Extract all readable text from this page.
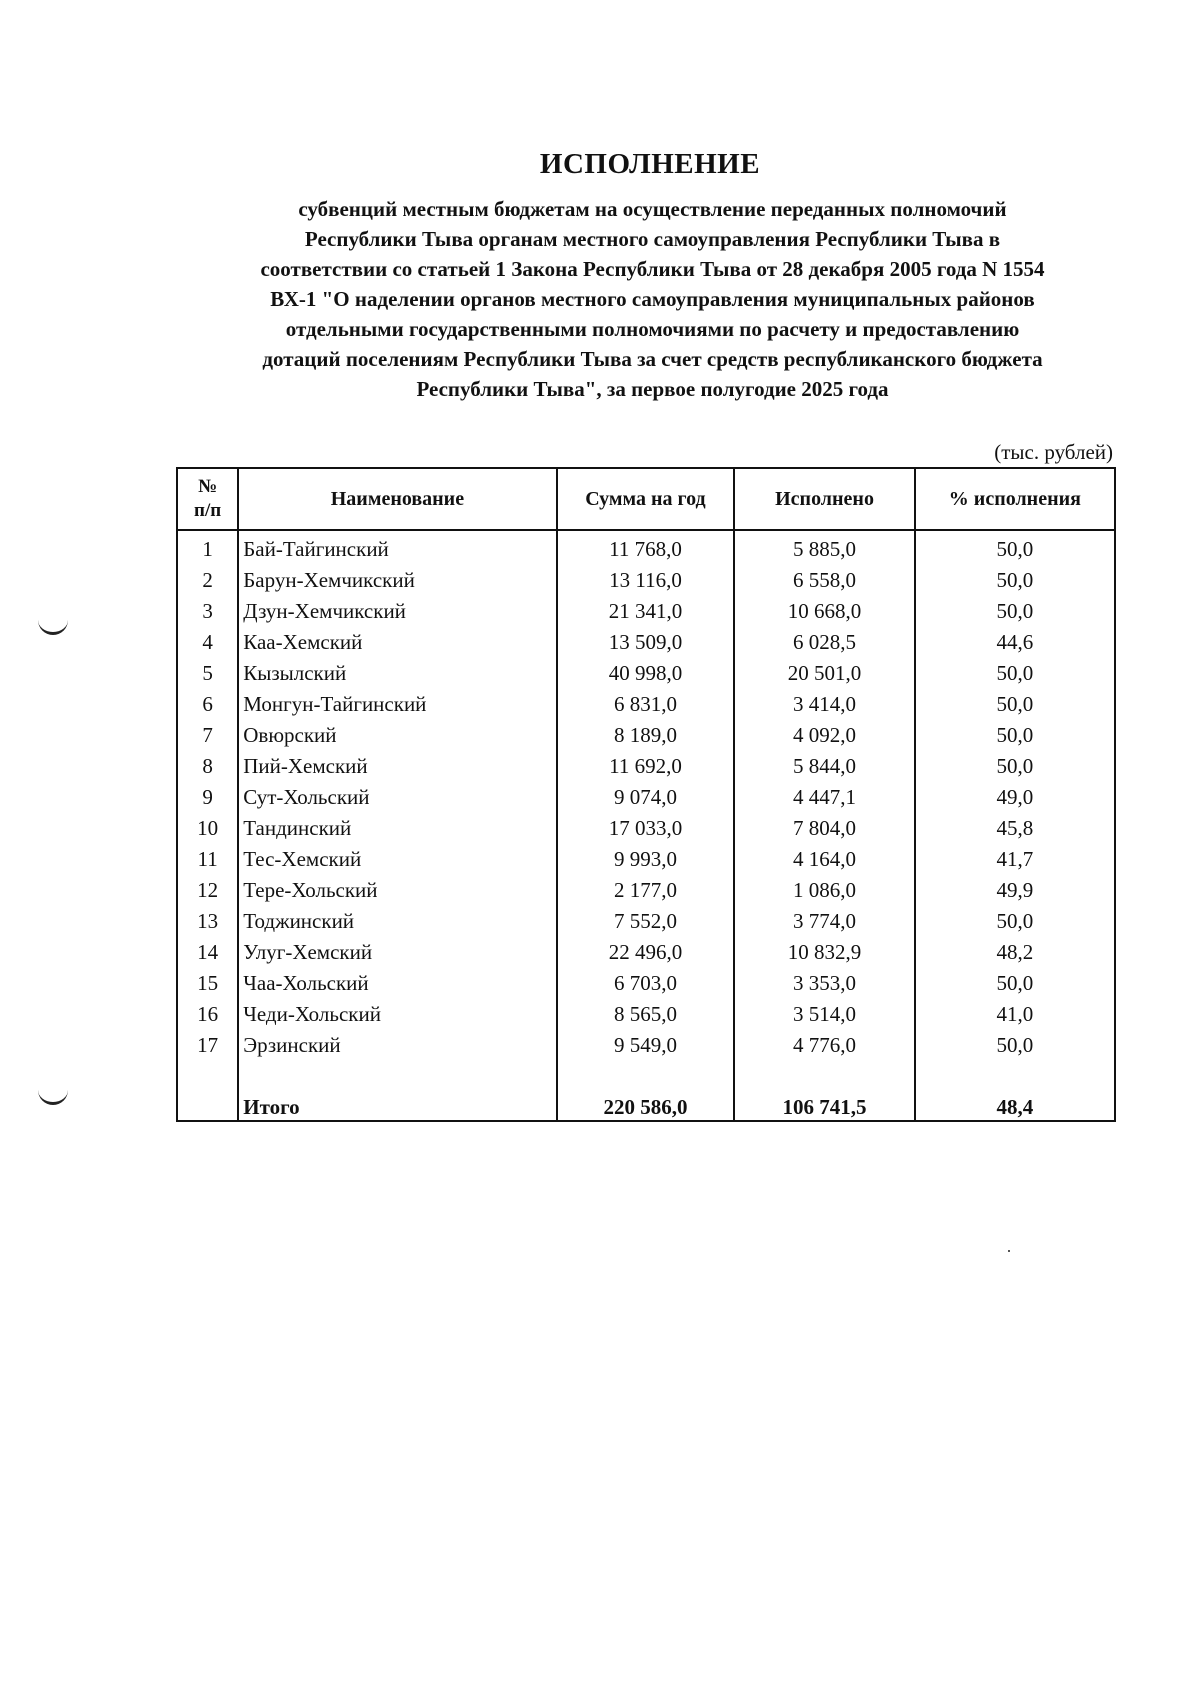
ИСПОЛНЕНИЕ
субвенций местным бюджетам на осуществление переданных полномочий
Республики Тыва органам местного самоуправления Республики Тыва в
соответствии со статьей 1 Закона Республики Тыва от 28 декабря 2005 года N 1554
ВХ-1 "О наделении органов местного самоуправления муниципальных районов
отдельными государственными полномочиями по расчету и предоставлению
дотаций поселениям Республики Тыва за счет средств республиканского бюджета
Республики Тыва", за первое полугодие 2025 года
(тыс. рублей)
№
п/п	Наименование	Сумма на год	Исполнено	% исполнения
1	Бай-Тайгинский	11 768,0	5 885,0	50,0
2	Барун-Хемчикский	13 116,0	6 558,0	50,0
3	Дзун-Хемчикский	21 341,0	10 668,0	50,0
4	Каа-Хемский	13 509,0	6 028,5	44,6
5	Кызылский	40 998,0	20 501,0	50,0
6	Монгун-Тайгинский	6 831,0	3 414,0	50,0
7	Овюрский	8 189,0	4 092,0	50,0
8	Пий-Хемский	11 692,0	5 844,0	50,0
9	Сут-Хольский	9 074,0	4 447,1	49,0
10	Тандинский	17 033,0	7 804,0	45,8
11	Тес-Хемский	9 993,0	4 164,0	41,7
12	Тере-Хольский	2 177,0	1 086,0	49,9
13	Тоджинский	7 552,0	3 774,0	50,0
14	Улуг-Хемский	22 496,0	10 832,9	48,2
15	Чаа-Хольский	6 703,0	3 353,0	50,0
16	Чеди-Хольский	8 565,0	3 514,0	41,0
17	Эрзинский	9 549,0	4 776,0	50,0

	Итого	220 586,0	106 741,5	48,4
